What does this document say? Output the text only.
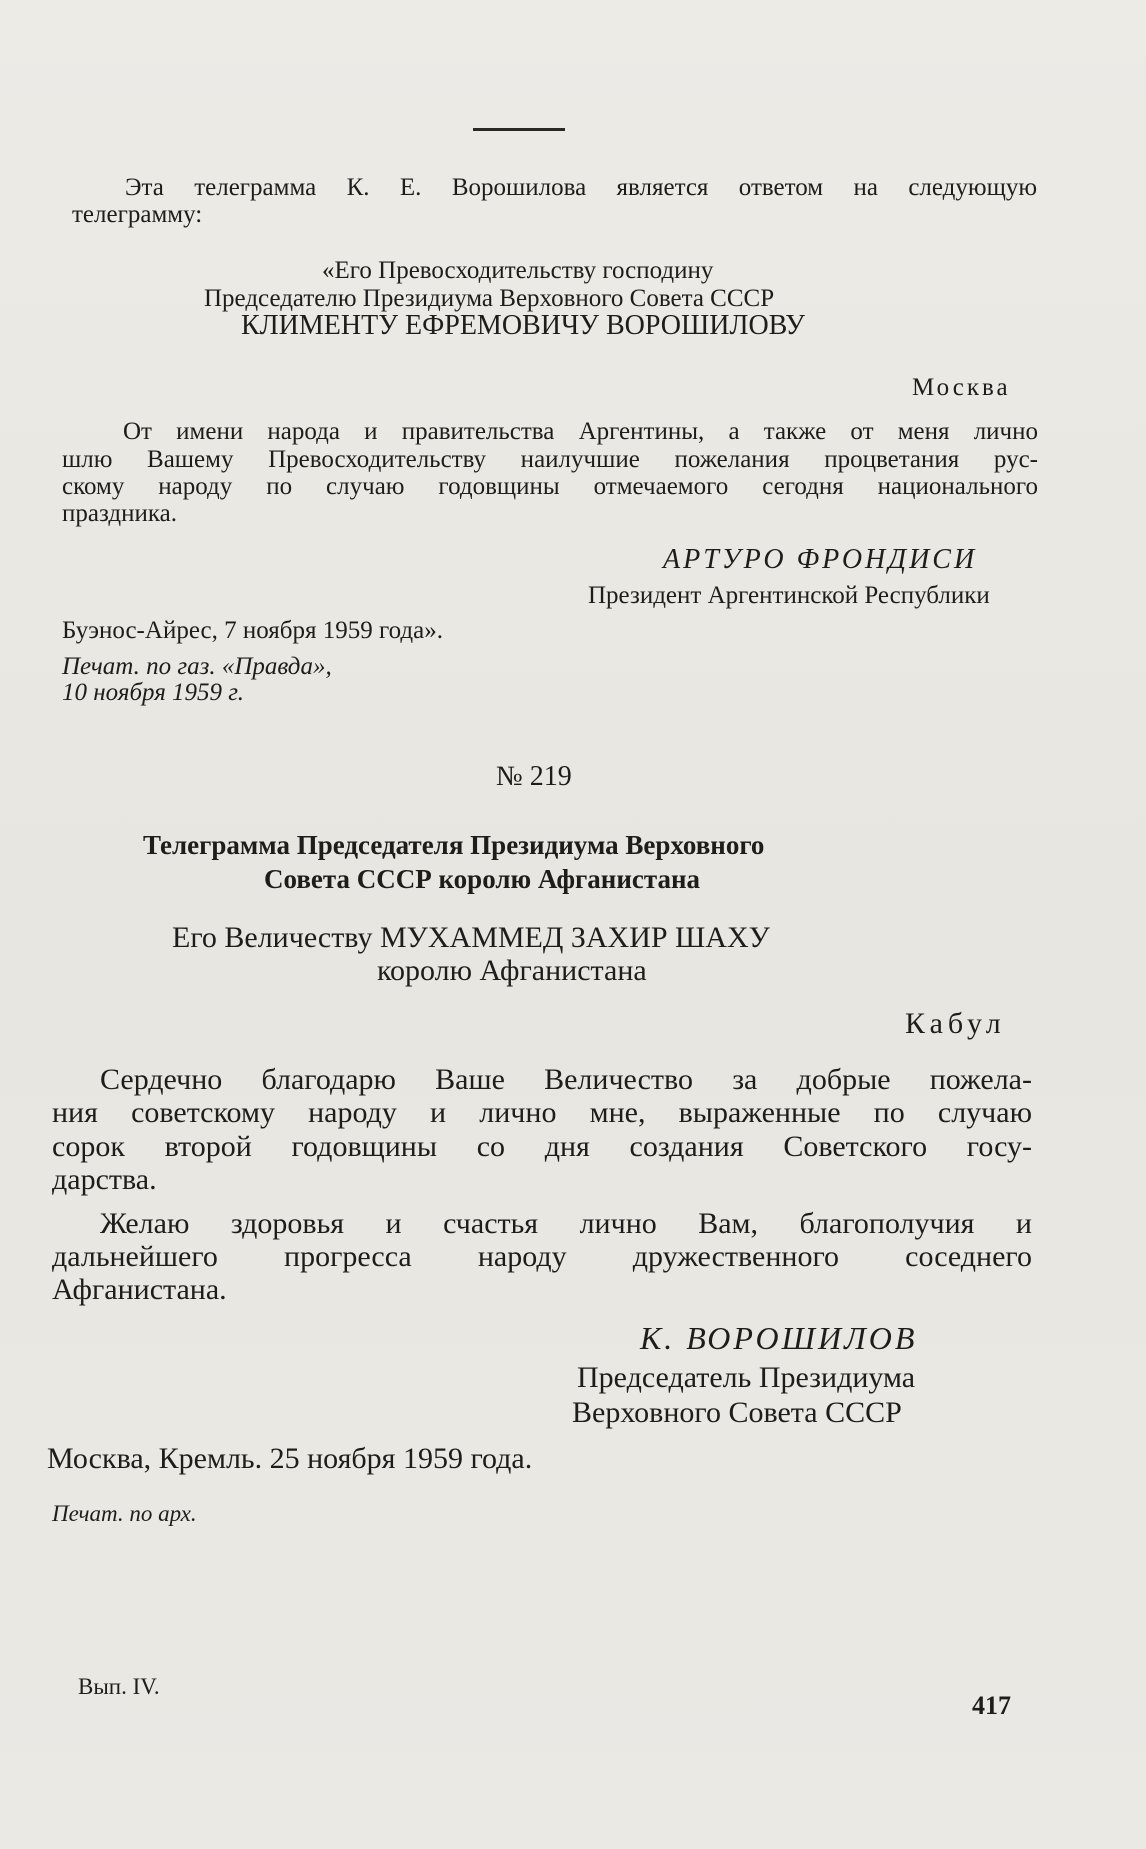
Эта телеграмма К. Е. Ворошилова является ответом на следующую
телеграмму:
«Его Превосходительству господину
Председателю Президиума Верховного Совета СССР
КЛИМЕНТУ ЕФРЕМОВИЧУ ВОРОШИЛОВУ
Москва
От имени народа и правительства Аргентины, а также от меня лично
шлю Вашему Превосходительству наилучшие пожелания процветания рус-
скому народу по случаю годовщины отмечаемого сегодня национального
праздника.
АРТУРО ФРОНДИСИ
Президент Аргентинской Республики
Буэнос-Айрес, 7 ноября 1959 года».
Печат. по газ. «Правда»,
10 ноября 1959 г.
№ 219
Телеграмма Председателя Президиума Верховного
Совета СССР королю Афганистана
Его Величеству МУХАММЕД ЗАХИР ШАХУ
королю Афганистана
Кабул
Сердечно благодарю Ваше Величество за добрые пожела-
ния советскому народу и лично мне, выраженные по случаю
сорок второй годовщины со дня создания Советского госу-
дарства.
Желаю здоровья и счастья лично Вам, благополучия и
дальнейшего прогресса народу дружественного соседнего
Афганистана.
К. ВОРОШИЛОВ
Председатель Президиума
Верховного Совета СССР
Москва, Кремль. 25 ноября 1959 года.
Печат. по арх.
Вып. IV.
417
